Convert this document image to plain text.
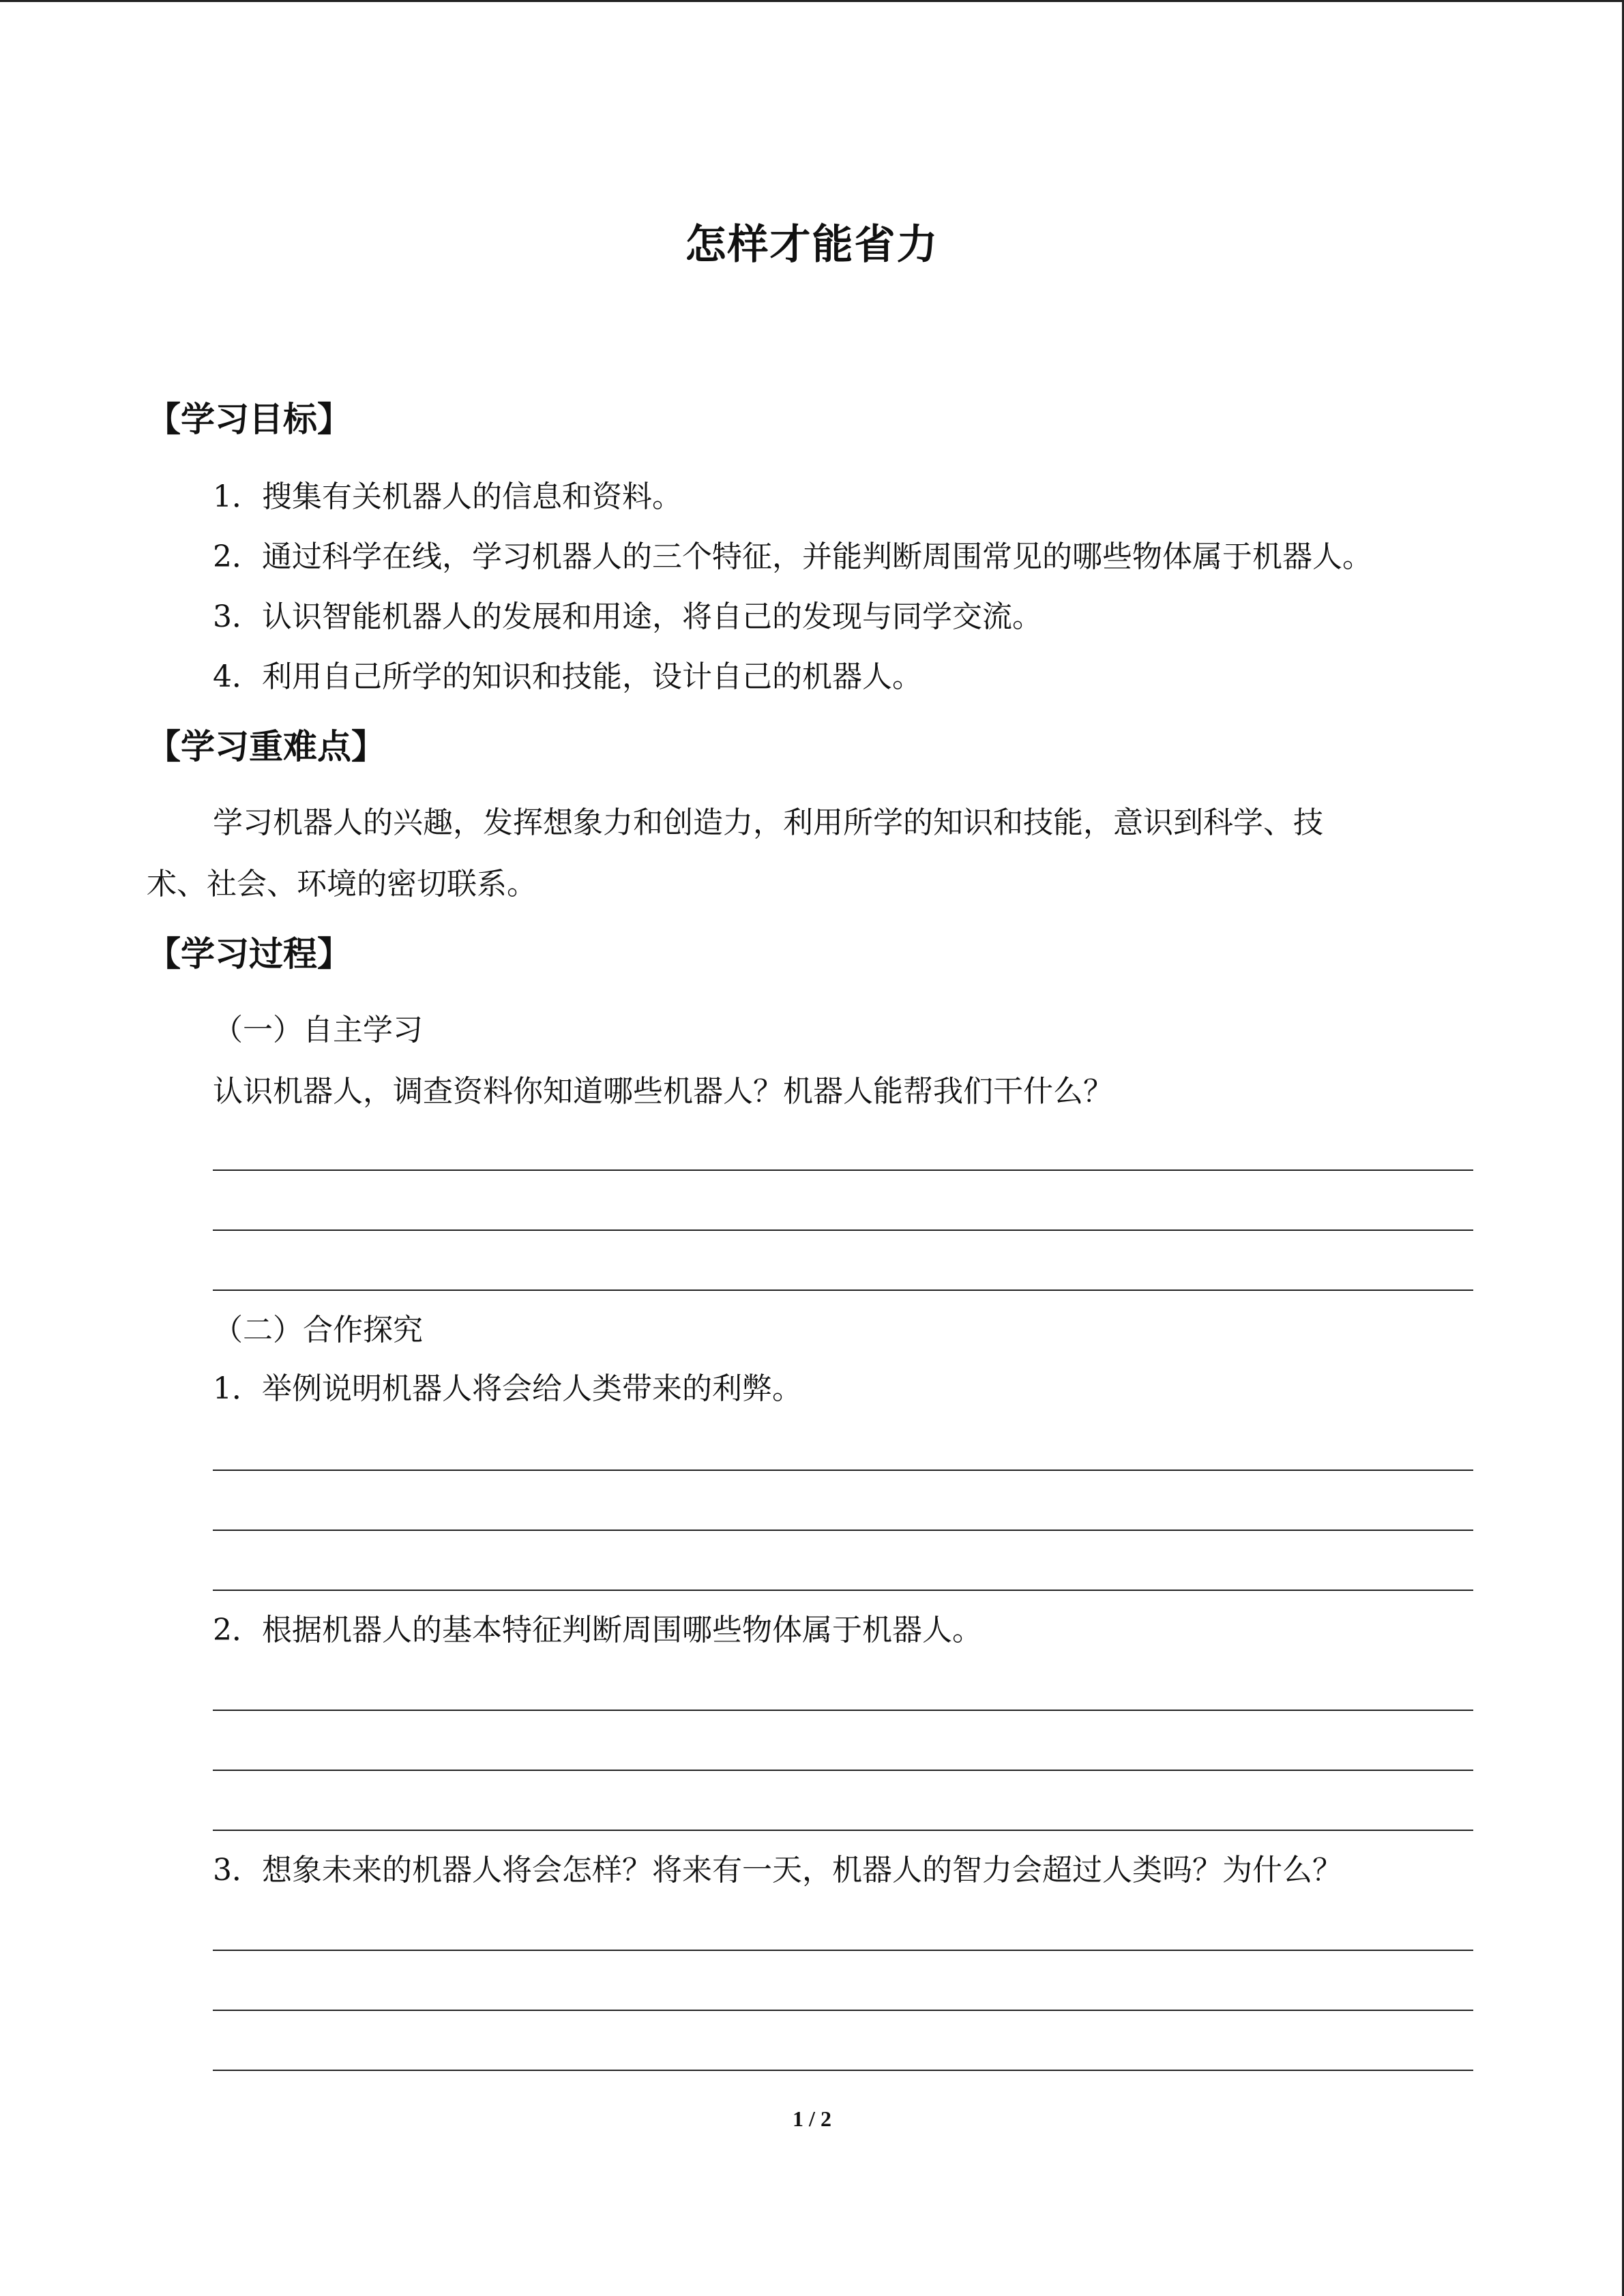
怎样才能省力
【学习目标】
1．搜集有关机器人的信息和资料。
2．通过科学在线，学习机器人的三个特征，并能判断周围常见的哪些物体属于机器人。
3．认识智能机器人的发展和用途，将自己的发现与同学交流。
4．利用自己所学的知识和技能，设计自己的机器人。
【学习重难点】
学习机器人的兴趣，发挥想象力和创造力，利用所学的知识和技能，意识到科学、技
术、社会、环境的密切联系。
【学习过程】
（一）自主学习
认识机器人，调查资料你知道哪些机器人？机器人能帮我们干什么？
（二）合作探究
1．举例说明机器人将会给人类带来的利弊。
2．根据机器人的基本特征判断周围哪些物体属于机器人。
3．想象未来的机器人将会怎样？将来有一天，机器人的智力会超过人类吗？为什么？
1 / 2
